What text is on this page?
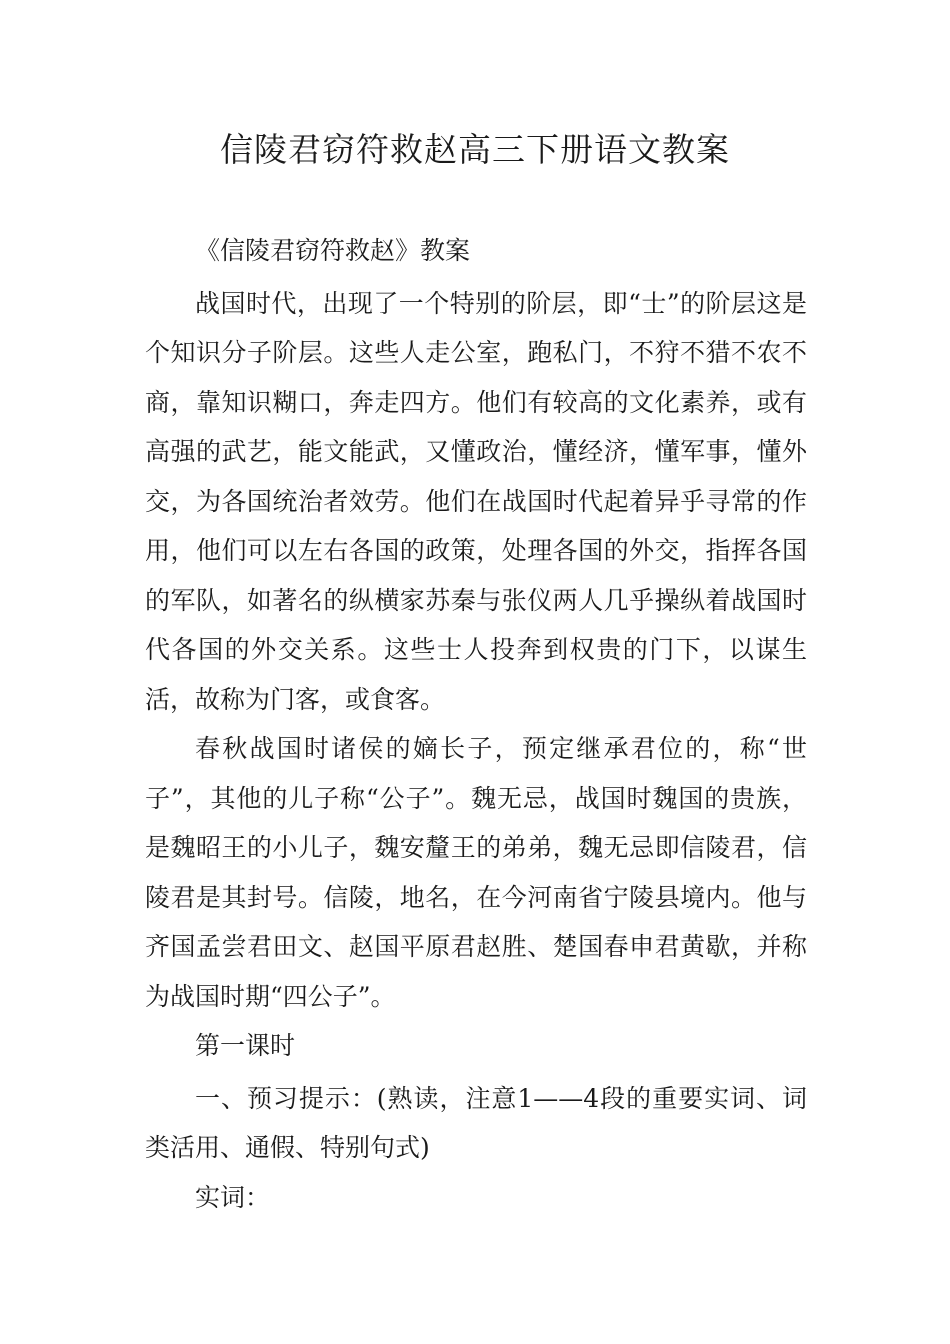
信陵君窃符救赵高三下册语文教案

《信陵君窃符救赵》教案

战国时代，出现了一个特别的阶层，即“士”的阶层这是个知识分子阶层。这些人走公室，跑私门，不狩不猎不农不商，靠知识糊口，奔走四方。他们有较高的文化素养，或有高强的武艺，能文能武，又懂政治，懂经济，懂军事，懂外交，为各国统治者效劳。他们在战国时代起着异乎寻常的作用，他们可以左右各国的政策，处理各国的外交，指挥各国的军队，如著名的纵横家苏秦与张仪两人几乎操纵着战国时代各国的外交关系。这些士人投奔到权贵的门下，以谋生活，故称为门客，或食客。

春秋战国时诸侯的嫡长子，预定继承君位的，称“世子”，其他的儿子称“公子”。魏无忌，战国时魏国的贵族，是魏昭王的小儿子，魏安釐王的弟弟，魏无忌即信陵君，信陵君是其封号。信陵，地名，在今河南省宁陵县境内。他与齐国孟尝君田文、赵国平原君赵胜、楚国春申君黄歇，并称为战国时期“四公子”。

第一课时

一、预习提示：(熟读，注意1——4段的重要实词、词类活用、通假、特别句式)

实词：
